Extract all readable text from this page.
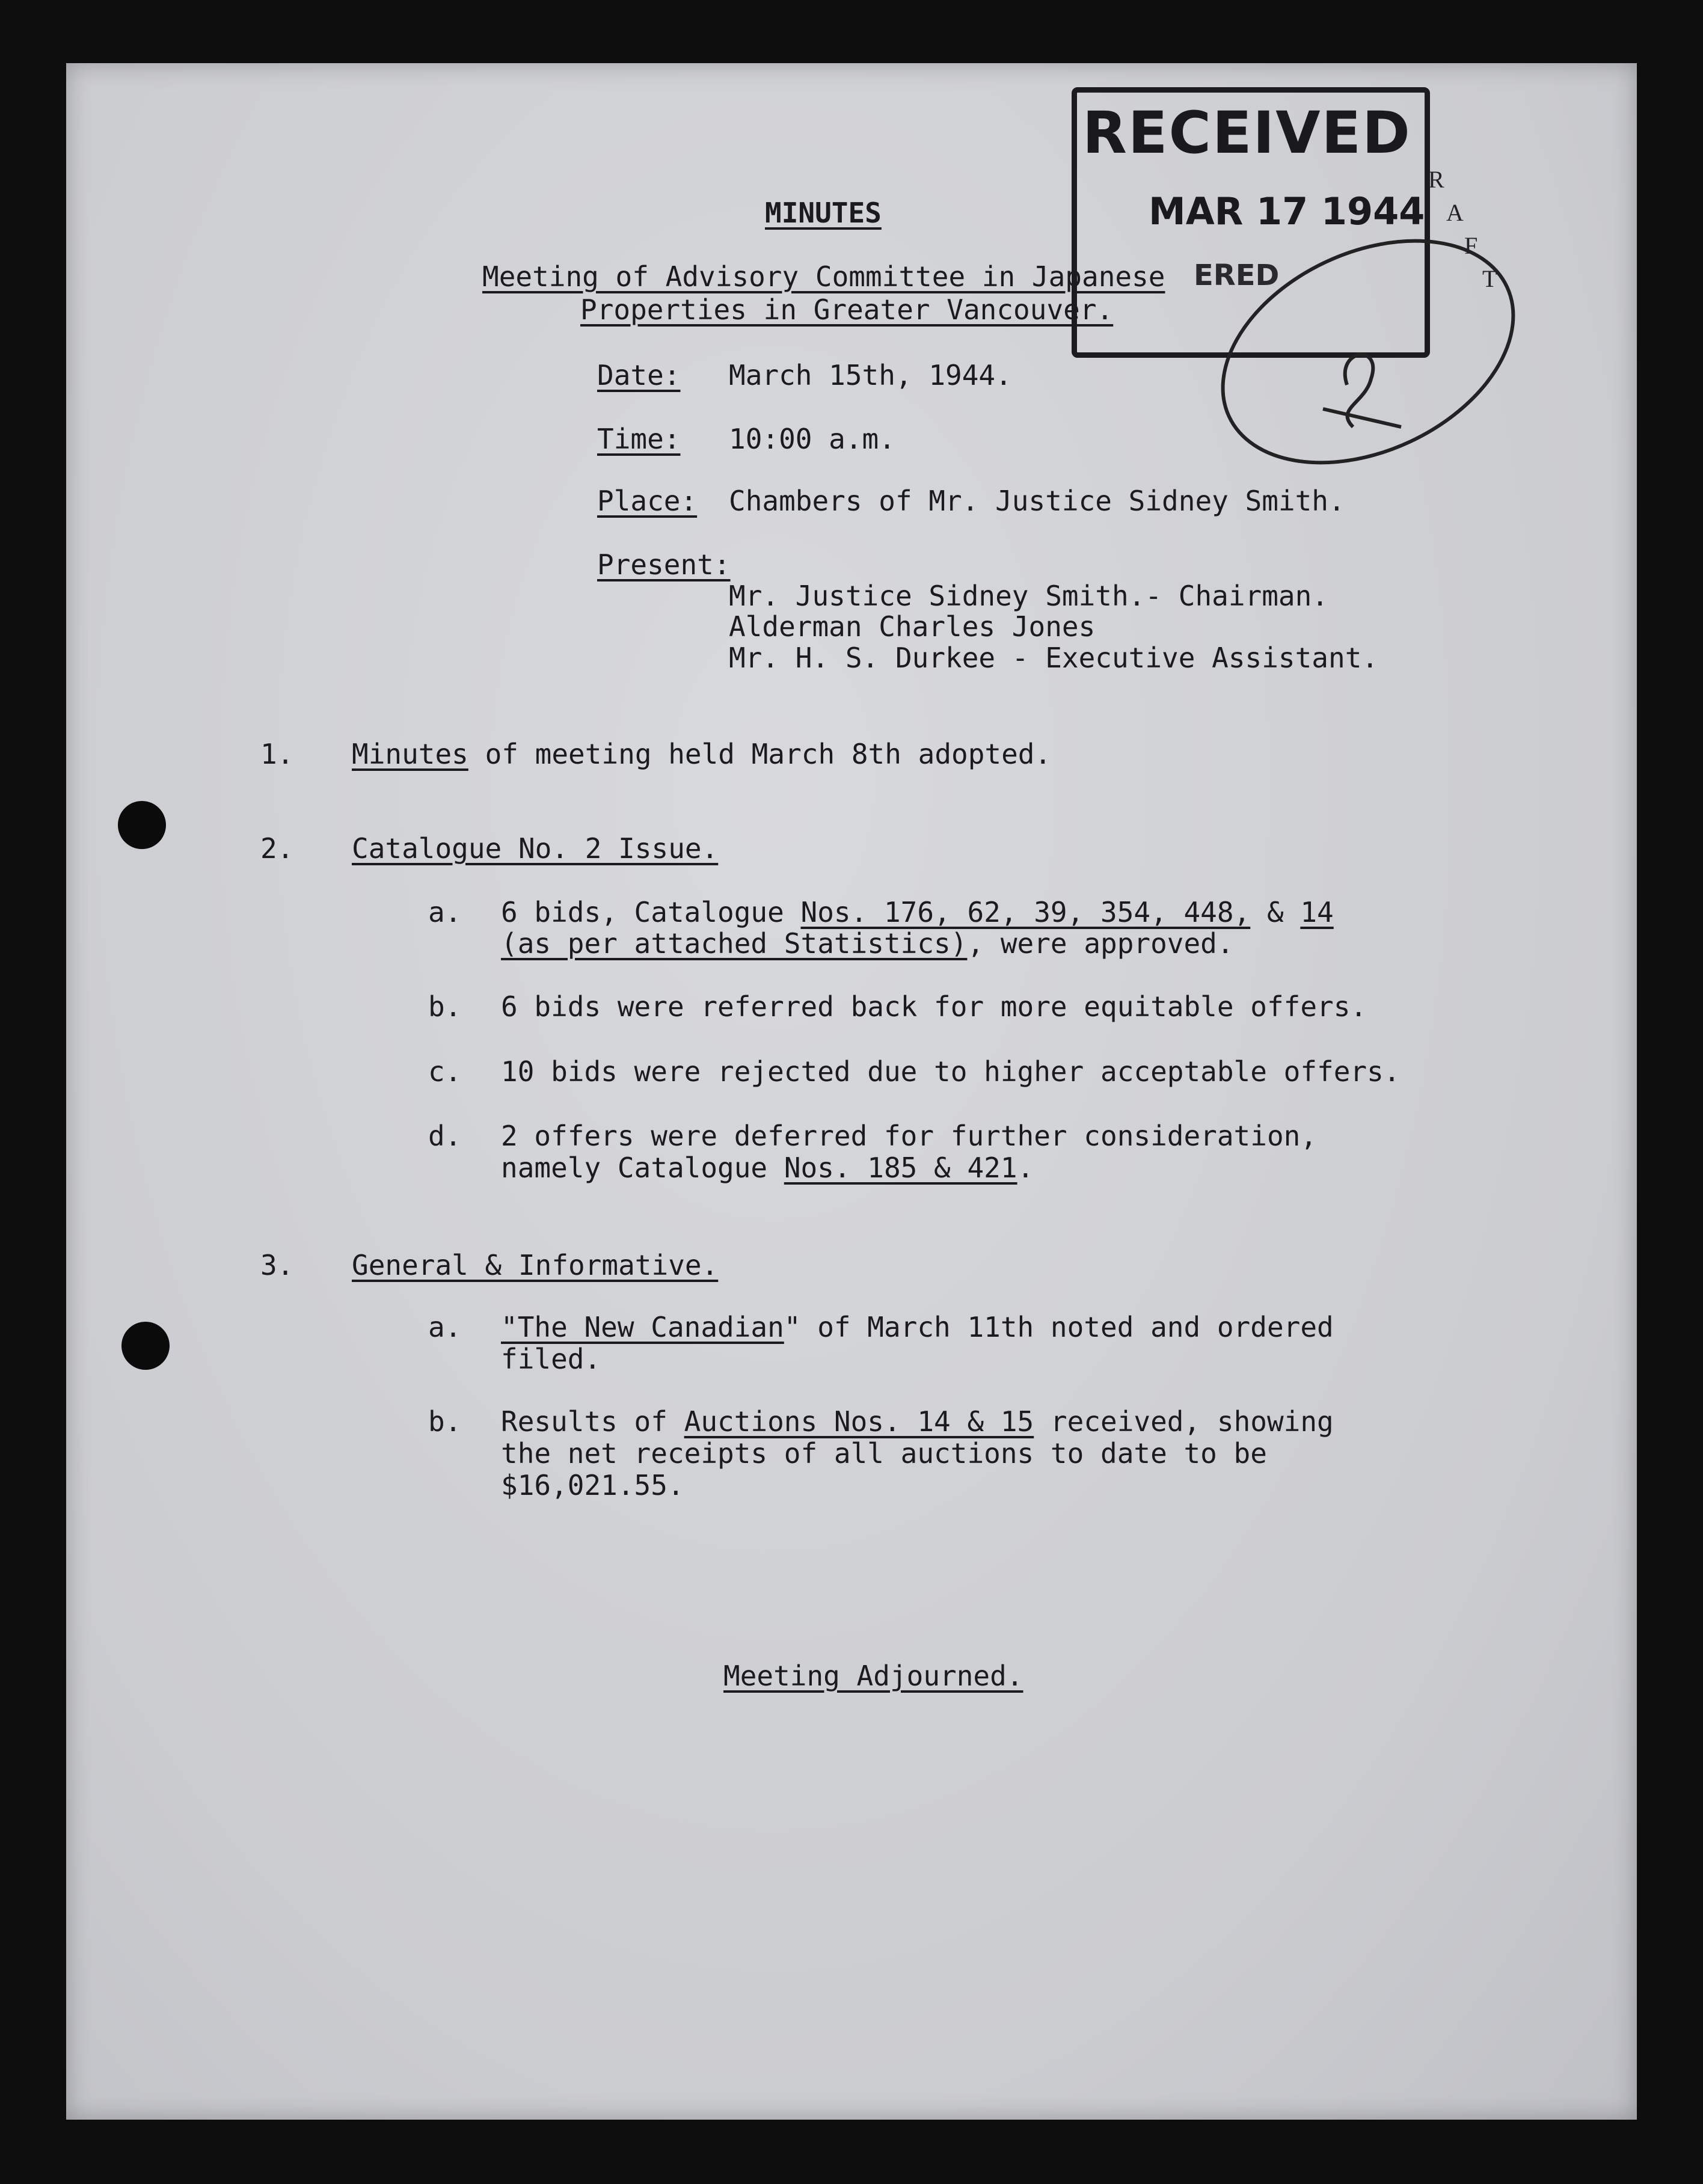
RECEIVED
MAR 17 1944
ERED
R
A
F
T
MINUTES
Meeting of Advisory Committee in Japanese
Properties in Greater Vancouver.
Date: March 15th, 1944.
Time: 10:00 a.m.
Place: Chambers of Mr. Justice Sidney Smith.
Present:
Mr. Justice Sidney Smith.- Chairman.
Alderman Charles Jones
Mr. H. S. Durkee - Executive Assistant.
1. Minutes of meeting held March 8th adopted.
2. Catalogue No. 2 Issue.
a. 6 bids, Catalogue Nos. 176, 62, 39, 354, 448, & 14
(as per attached Statistics), were approved.
b. 6 bids were referred back for more equitable offers.
c. 10 bids were rejected due to higher acceptable offers.
d. 2 offers were deferred for further consideration,
namely Catalogue Nos. 185 & 421.
3. General & Informative.
a. "The New Canadian" of March 11th noted and ordered
filed.
b. Results of Auctions Nos. 14 & 15 received, showing
the net receipts of all auctions to date to be
$16,021.55.
Meeting Adjourned.
